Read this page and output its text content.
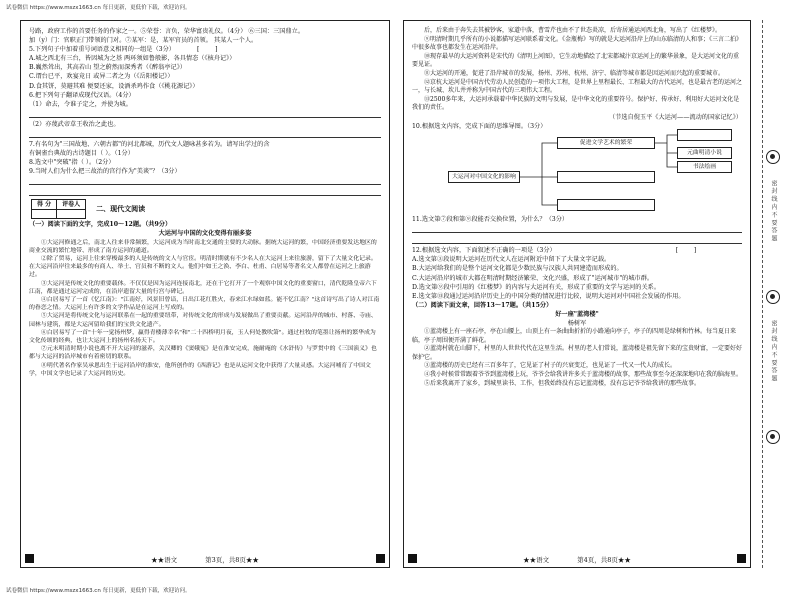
试卷微信 https://www.mszx1663.cn 每日更新，更低价下载，欢迎访问。
试卷微信 https://www.mszx1663.cn 每日更新，更低价下载，欢迎访问。
号路，政府工作的首要任务的作家之一。⑤荣誉：言负，荣华富贵礼仪。（4分） ⑥三国：三国鼎立。
加（y）门：官职正门带领的门对。⑦某军：是，某军官员的首领。 其某人一个人。
5.下列句子中加着重号词语意义相同的一组是（3分）	[        ]
A.城之西北有三台，皆因城为之基 两环须如鲁般影，各具情态（《核舟记》）
B.巍然耸出，其高若山 望之蔚然而深秀者（《醉翁亭记》）
C.谓台已平，欢宴竟日 或异二者之为（《岳阳楼记》）
D.食其饼，莫避其难 便要还家，设酒杀鸡作食（《桃花源记》）
6.把下列句子翻译成现代汉语。（4分）
（1）命去，令谁子定之，并使为城。
（2）亦蔑武帝草王收治之此也。
7.有名句为"三国故地、六朝古都"的河北都城，历代文人题咏甚多若为。请写出学过的含
有铜雀台典故的古诗题目（ ）。（1分）
8.选文中"突破"指（ ）。（2分）
9.当时人们为什么把三故治的宫行作为"美谈"？（3分）
得 分	评卷人
		二、现代文阅读
（一）阅读下面的文字，完成10～12题。（共9分）
大运河与中国的文化变得有丽多姿

①大运河修通之后，南北人往来非常频繁，大运河成为当时南北交通的主要的大动脉。据统大运河的繁，中国经济重要发达地区的商业交流的繁忙地带、形成了南方运河的通道。

②除了贸易，运河上往来穿梭最多的人是传统的文人与官宦。明清时期就有不少名人在大运河上来往旅游，留下了大量文化记录。在大运河沿岸往来最多的有商人、举士、官员和不断的文人。他们中如王之涣、李白、杜甫、白居易等著名文人都曾在运河之上旅游过。

③大运河是传统文化的重要载体。不仅仅是因为运河连接南北，还在于它打开了一个观察中国文化的重要窗口，清代乾隆皇帝六下江南，都是通过运河完成的，在沿岸遗留大量的行宫与碑记。

④白居易写了一首《忆江南》："江南好，风景旧曾谙，日出江花红胜火，春来江水绿如蓝。能不忆江南？"这首诗写出了诗人对江南的眷恋之情。大运河上有许多的文学作品是在运河上写成的。

⑤大运河是将传统文化与运河联系在一起的重要纽带，对传统文化的形成与发展做出了重要贡献。运河沿岸的城市、村落、寺庙、园林与建筑，都是大运河留给我们的宝贵文化遗产。

⑥白居易写了一首"十年一觉扬州梦，赢得青楼薄幸名"和"二十四桥明月夜，玉人何处教吹箫"。通过杜牧的笔墨让扬州的繁华成为文化传颂的经典，也让大运河上的扬州名扬天下。

⑦元末明清时期小说也离不开大运河的滋养，关汉卿的《窦娥冤》是在淮安完成，施耐庵的《水浒传》与罗贯中的《三国演义》也都与大运河的沿岸城市有着密切的联系。

⑧明代著名作家吴承恩出生于运河沿岸的淮安，他所创作的《西游记》也是从运河文化中获得了大量灵感。大运河哺育了中国文学，中国文学也记录了大运河的历史。

★★语文	第3页，共8页★★

后，后来由于奔失去其被钞客，家道中落，曹雪芹也由不了世态炎凉，后寄居通运河西北角，写出了《红楼梦》。

⑨明清时期几乎所有的小说都描写运河联系着文化。《金瓶梅》写的就是大运河沿岸上的山东临清的人和事；《三言二拍》中很多故事也都发生在运河沿岸。

⑩现存最早的大运河资料是宋代的《清明上河图》，它生动地描绘了北宋都城汴京运河上的繁华景象，是大运河文化的重要见证。

⑪大运河的开通，促进了沿岸城市的发展，扬州、苏州、杭州、济宁、临清等城市都是因运河而兴起的重要城市。

⑫京杭大运河是中国古代劳动人民创造的一项伟大工程，是世界上里程最长、工程最大的古代运河，也是最古老的运河之一，与长城、坎儿井并称为中国古代的三项伟大工程。

⑬2500多年来，大运河承载着中华民族的文明与发展，是中华文化的重要符号。保护好、传承好、利用好大运河文化是我们的责任。

（节选自倪玉平《大运河——流动的国家记忆》）
10.根据选文内容，完成下面的思维导图。（3分）
大运河对中国文化的影响
促进文学艺术的繁荣
元曲明清小说
书法绘画
11.选文第⑦段和第⑨段能否交换位置，为什么？（3分）
12.根据选文内容，下面叙述不正确的一项是（3分）	[        ]
A.选文第③段说明大运河在历代文人在运河附近中留下了大量文字记载。
B.大运河给我们的是整个运河文化都是少数民族与汉族人共同建造而形成的。
C.大运河沿岸的城市大都在明清时期经济繁荣、文化兴盛，形成了"运河城市"的城市群。
D.选文第⑨段中引用的《红楼梦》的内容与大运河有关，形成了重要的文学与运河的关系。
E.选文第⑬段通过运河沿岸历史上的中国分类的情况进行比较，说明大运河对中国社会发展的作用。
（二）阅读下面文章，回答13～17题。（共15分）
好一座"蓝湾楼"
杨树军

①蓝湾楼上有一座石亭，亭在山腰上，山顶上有一条曲曲折折的小路通向亭子，亭子的四周是绿树和竹林。每当夏日来临，亭子周围便开满了鲜花。

②蓝湾村就在山脚下，村里的人世世代代在这里生活。村里的老人们常说，蓝湾楼是祖先留下来的宝贵财富，一定要好好保护它。

③蓝湾楼的历史已经有三百多年了，它见证了村子的兴衰变迁，也见证了一代又一代人的成长。

④我小时候常常跟着爷爷到蓝湾楼上玩，爷爷会给我讲许多关于蓝湾楼的故事，那些故事至今还深深地印在我的脑海里。

⑤后来我离开了家乡，到城里读书、工作，但我始终没有忘记蓝湾楼，没有忘记爷爷给我讲的那些故事。

★★语文	第4页，共8页★★
密 封 线 内 不 要 答 题
密 封 线 内 不 要 答 题
